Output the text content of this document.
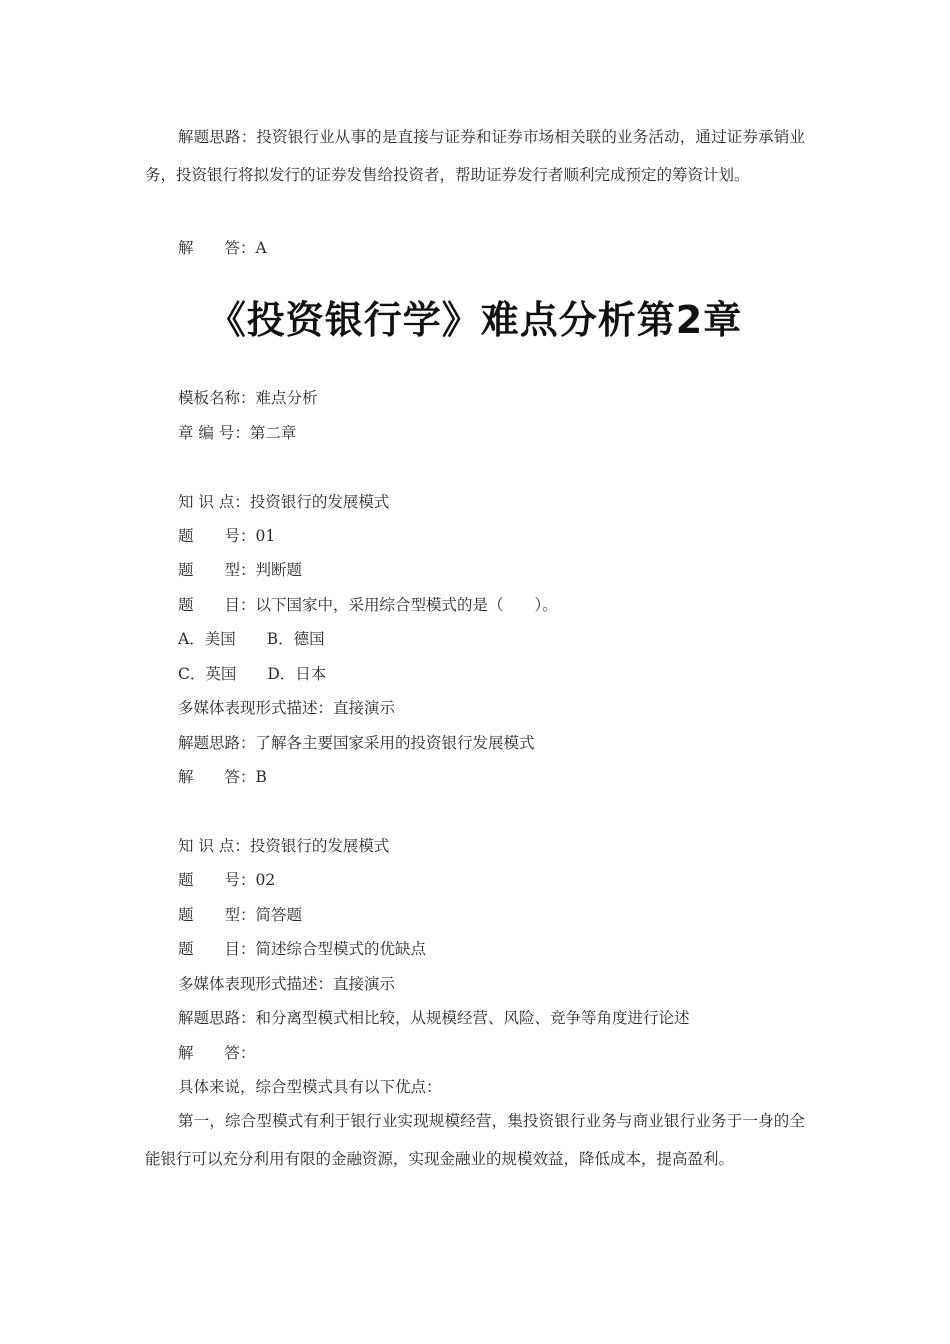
解题思路：投资银行业从事的是直接与证券和证券市场相关联的业务活动，通过证券承销业务，投资银行将拟发行的证券发售给投资者，帮助证券发行者顺利完成预定的筹资计划。
解　　答：A
《投资银行学》难点分析第2章
模板名称：难点分析
章 编 号：第二章
知 识 点：投资银行的发展模式
题　　号：01
题　　型：判断题
题　　目：以下国家中，采用综合型模式的是（　　）。
A．美国　　B．德国
C．英国　　D．日本
多媒体表现形式描述：直接演示
解题思路：了解各主要国家采用的投资银行发展模式
解　　答：B
知 识 点：投资银行的发展模式
题　　号：02
题　　型：简答题
题　　目：简述综合型模式的优缺点
多媒体表现形式描述：直接演示
解题思路：和分离型模式相比较，从规模经营、风险、竞争等角度进行论述
解　　答：
具体来说，综合型模式具有以下优点：
第一，综合型模式有利于银行业实现规模经营，集投资银行业务与商业银行业务于一身的全能银行可以充分利用有限的金融资源，实现金融业的规模效益，降低成本，提高盈利。
